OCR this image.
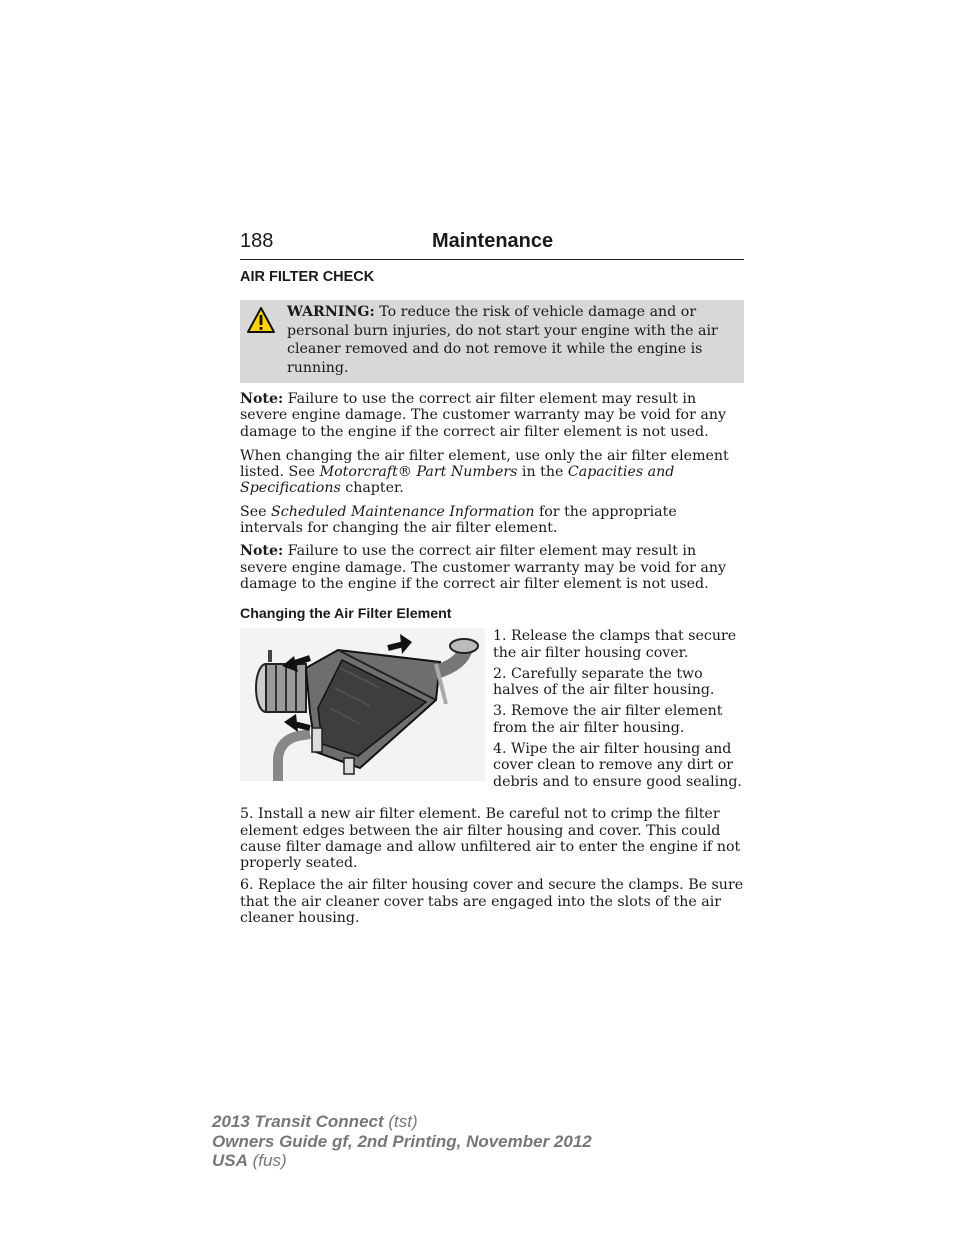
188	Maintenance
AIR FILTER CHECK
WARNING: To reduce the risk of vehicle damage and or personal burn injuries, do not start your engine with the air cleaner removed and do not remove it while the engine is running.

Note: Failure to use the correct air filter element may result in severe engine damage. The customer warranty may be void for any damage to the engine if the correct air filter element is not used.

When changing the air filter element, use only the air filter element listed. See Motorcraft® Part Numbers in the Capacities and Specifications chapter.

See Scheduled Maintenance Information for the appropriate intervals for changing the air filter element.

Note: Failure to use the correct air filter element may result in severe engine damage. The customer warranty may be void for any damage to the engine if the correct air filter element is not used.

Changing the Air Filter Element

1. Release the clamps that secure the air filter housing cover.

2. Carefully separate the two halves of the air filter housing.

3. Remove the air filter element from the air filter housing.

4. Wipe the air filter housing and cover clean to remove any dirt or debris and to ensure good sealing.

5. Install a new air filter element. Be careful not to crimp the filter element edges between the air filter housing and cover. This could cause filter damage and allow unfiltered air to enter the engine if not properly seated.

6. Replace the air filter housing cover and secure the clamps. Be sure that the air cleaner cover tabs are engaged into the slots of the air cleaner housing.

2013 Transit Connect (tst)
Owners Guide gf, 2nd Printing, November 2012
USA (fus)
